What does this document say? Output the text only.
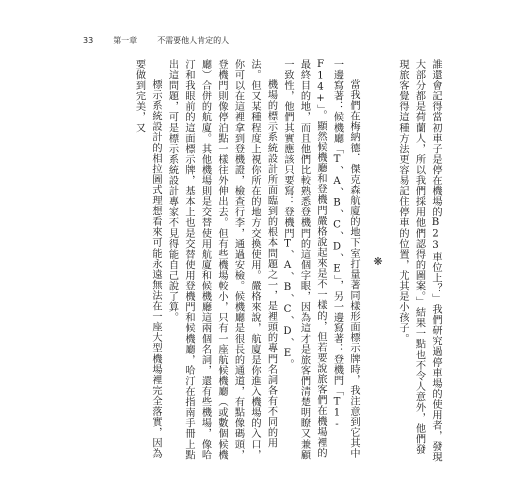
33	第一章	不需要他人肯定的人

誰還會記得當初車子是停在機場的B23車位上？」我們研究過停車場的使用者，發現大部分都是荷蘭人，所以我們採用他們認得的圖案。」結果一點也不令人意外，他們發現旅客覺得這種方法更容易記住停車的位置，尤其是小孩子。

❋

當我們在梅納德．傑克森航廈的地下室打量著同樣形面標示牌時，我注意到它其中一邊寫著：候機廳「T、A、B、C、D、E」，另一邊寫著：登機門「T1-F14+」。顯然候機廳和登機門嚴格說起來是不一樣的，但若要說旅客們在機場裡的最終目的地，而且他們比較熟悉登機門的這個字眼，因為這才是旅客們清楚明瞭又兼顧一致性，他們其實應該只要寫：登機門T、A、B、C、D、E。

機場的標示系統設計所面臨到的根本問題之一，是裡頭的專門名詞各有不同的用法。但又某種程度上視你所在的地方交換使用。嚴格來說，航廈是你進入機場的入口，你可以在這裡拿到登機證，檢查行李，通過安檢。候機廳是很長的通道，有點像碼頭，登機門則像停泊點一樣往外伸出去。但有些機場較小，只有一座航候機廳（或數個候機廳）合併的航廈。其他機場則是交替使用航廈和候機廳這兩個名詞，還有些機場，像哈汀和我眼前的這面標示牌，基本上也是交替使用登機門和候機廳，哈汀在指南手冊上點出這問題，可是標示系統設計專家不見得能自己說了算。

標示系統設計的相拉圖式理想看來可能永遠無法在一座大型機場裡完全落實，因為要做到完美，又
